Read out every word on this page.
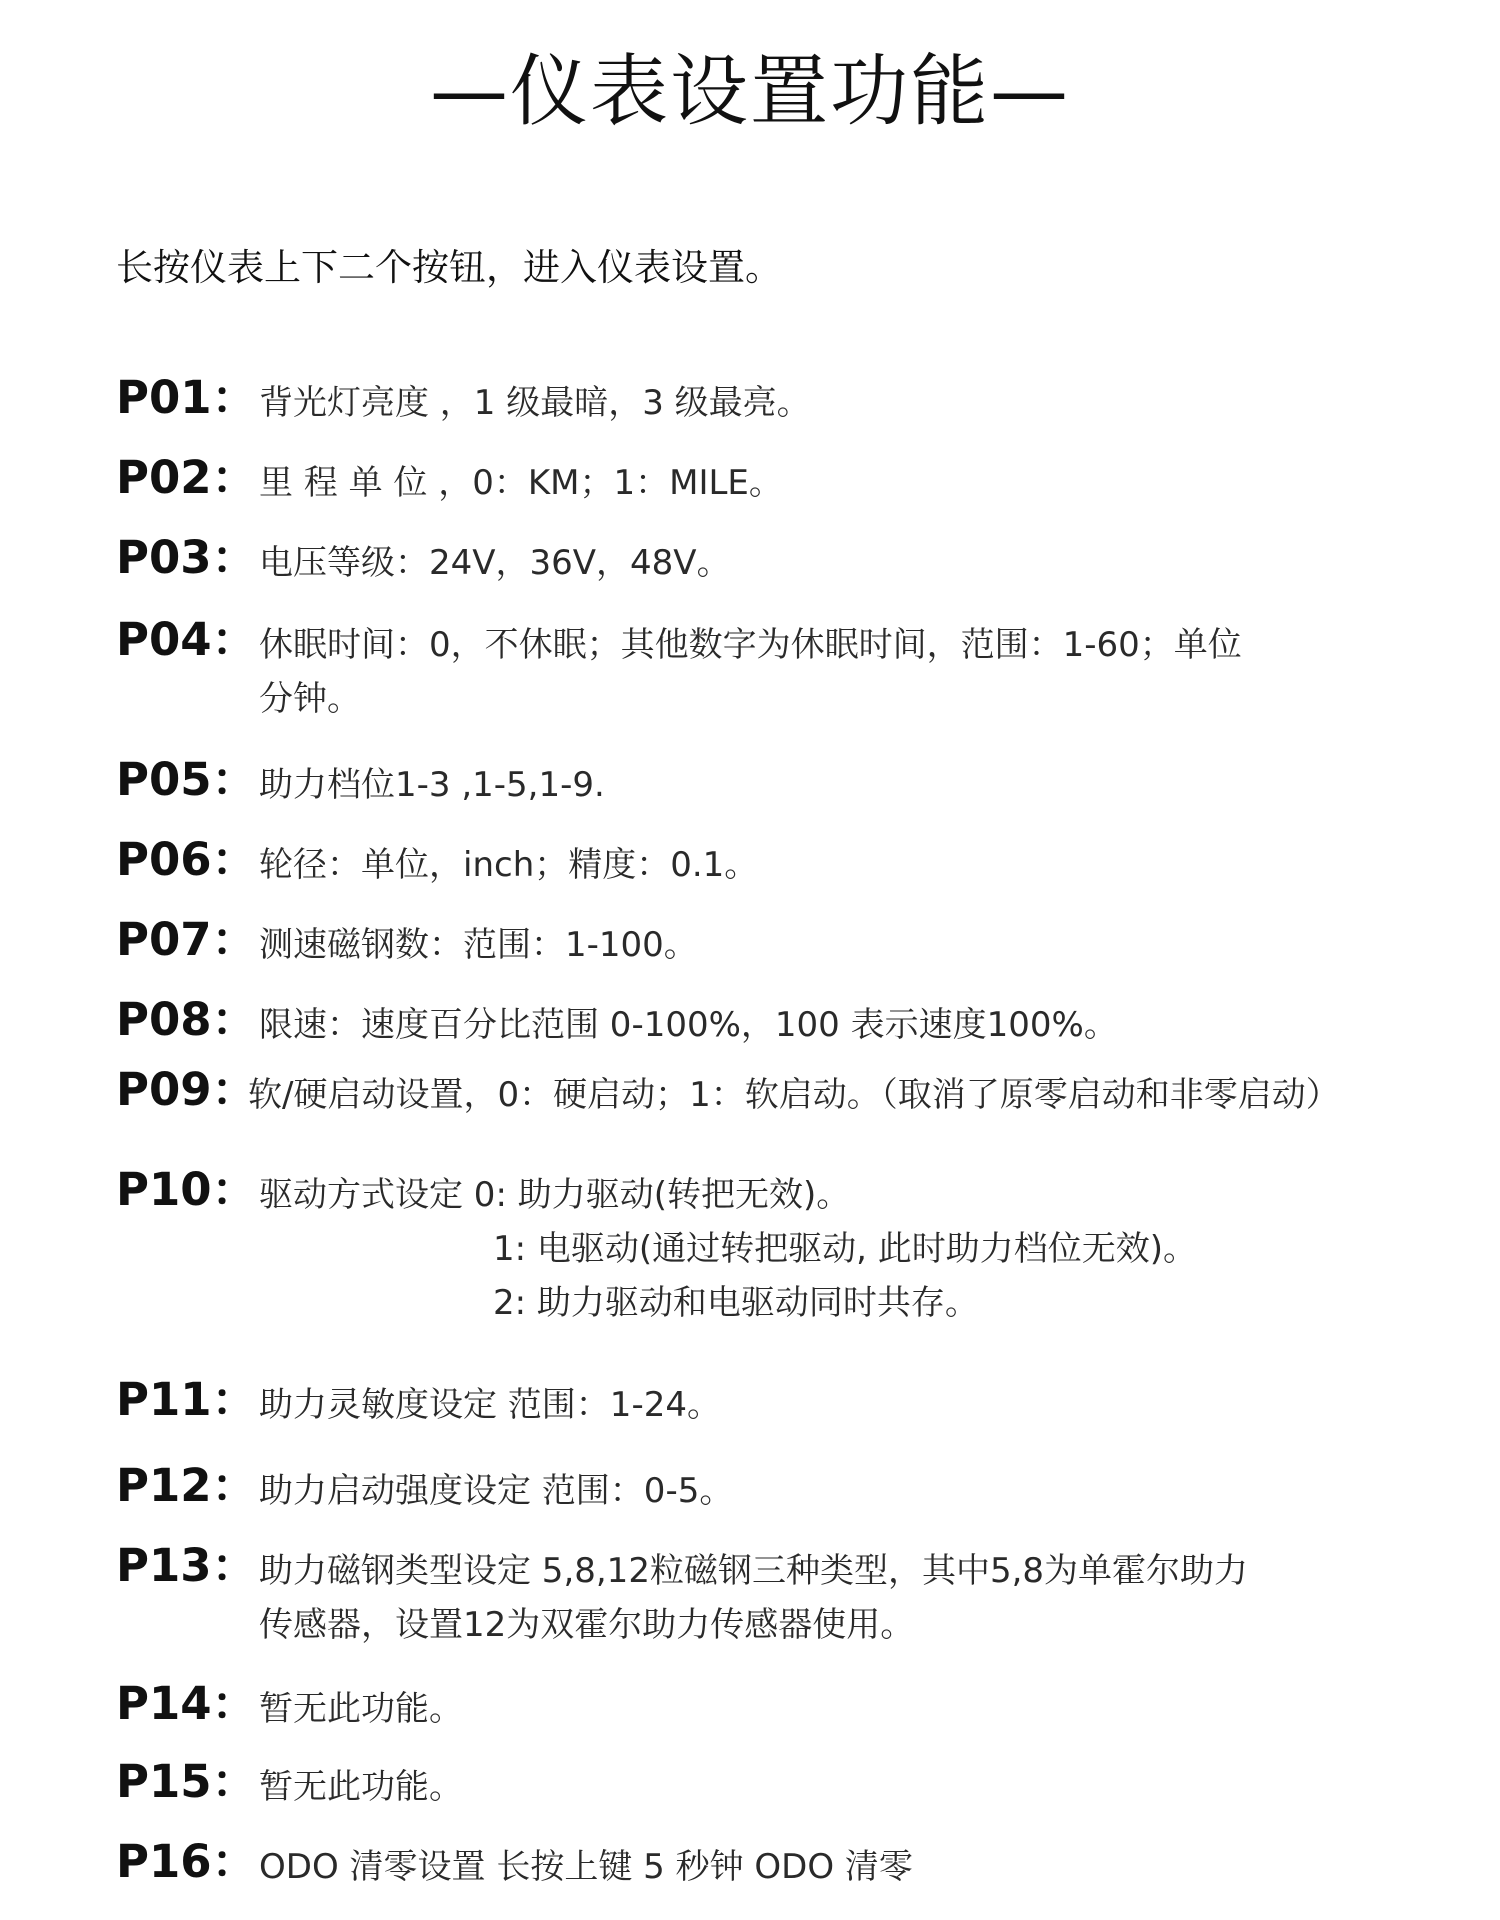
—仪表设置功能—
长按仪表上下二个按钮，进入仪表设置。
P01： 背光灯亮度 ，1 级最暗，3 级最亮。
P02： 里 程 单 位 ，0：KM；1：MILE。
P03： 电压等级：24V，36V，48V。
P04： 休眠时间：0，不休眠；其他数字为休眠时间，范围：1-60；单位
分钟。
P05： 助力档位1-3 ,1-5,1-9.
P06： 轮径：单位，inch；精度：0.1。
P07： 测速磁钢数：范围：1-100。
P08： 限速：速度百分比范围 0-100%，100 表示速度100%。
P09：
软/硬启动设置，0：硬启动；1：软启动。（取消了原零启动和非零启动）
P10： 驱动方式设定 0: 助力驱动(转把无效)。
1: 电驱动(通过转把驱动, 此时助力档位无效)。
2: 助力驱动和电驱动同时共存。
P11： 助力灵敏度设定 范围：1-24。
P12： 助力启动强度设定 范围：0-5。
P13： 助力磁钢类型设定 5,8,12粒磁钢三种类型，其中5,8为单霍尔助力
传感器，设置12为双霍尔助力传感器使用。
P14： 暂无此功能。
P15： 暂无此功能。
P16： ODO 清零设置 长按上键 5 秒钟 ODO 清零
